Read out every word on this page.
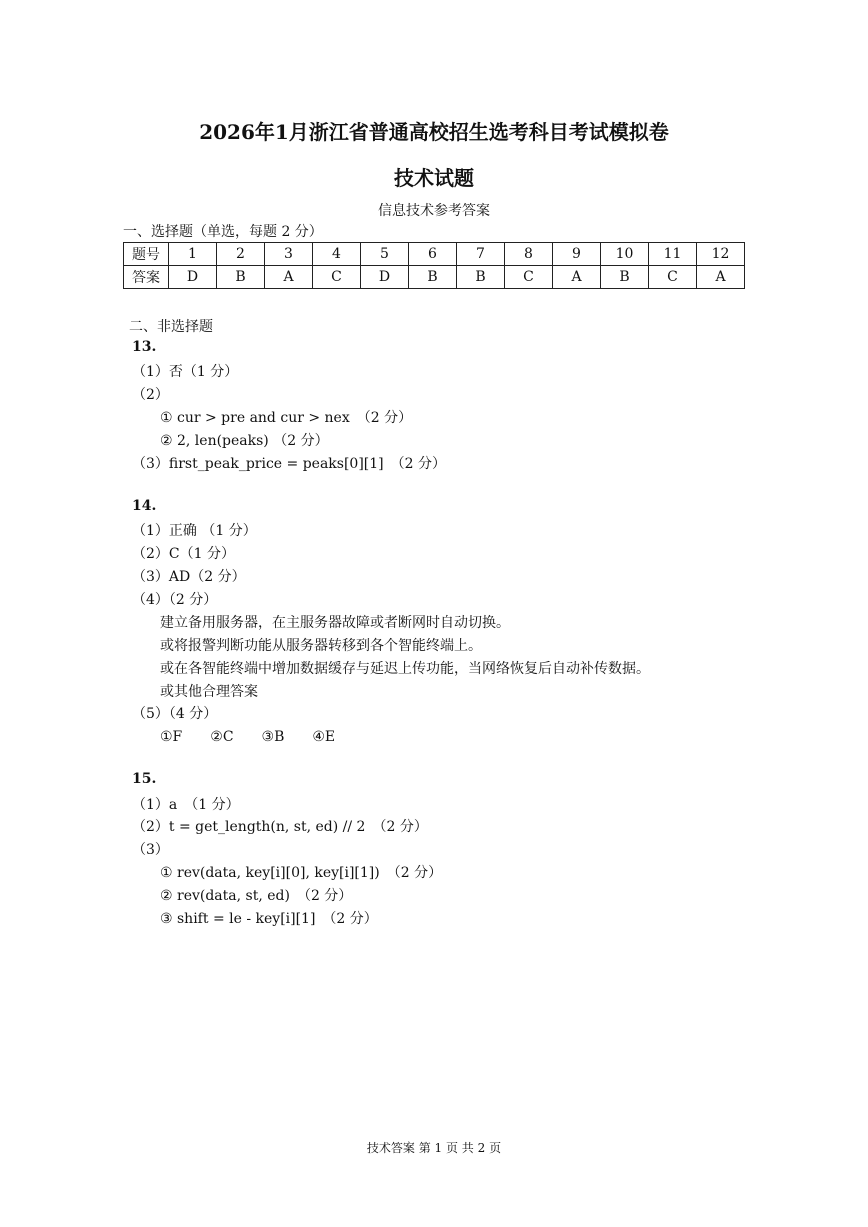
2026年1月浙江省普通高校招生选考科目考试模拟卷
技术试题
信息技术参考答案
一、选择题（单选，每题 2 分）
题号	1	2	3	4	5	6	7	8	9	10	11	12
答案	D	B	A	C	D	B	B	C	A	B	C	A
二、非选择题
13.
（1）否（1 分）
（2）
① cur > pre and cur > nex　（2 分）
② 2, len(peaks) （2 分）
（3）first_peak_price = peaks[0][1]　（2 分）
14.
（1）正确 （1 分）
（2）C（1 分）
（3）AD（2 分）
（4）（2 分）
建立备用服务器，在主服务器故障或者断网时自动切换。
或将报警判断功能从服务器转移到各个智能终端上。
或在各智能终端中增加数据缓存与延迟上传功能，当网络恢复后自动补传数据。
或其他合理答案
（5）（4 分）
①F　　②C　　③B　　④E
15.
（1）a　（1 分）
（2）t = get_length(n, st, ed) // 2　（2 分）
（3）
① rev(data, key[i][0], key[i][1])　（2 分）
② rev(data, st, ed)　（2 分）
③ shift = le - key[i][1]　（2 分）
技术答案 第 1 页 共 2 页
